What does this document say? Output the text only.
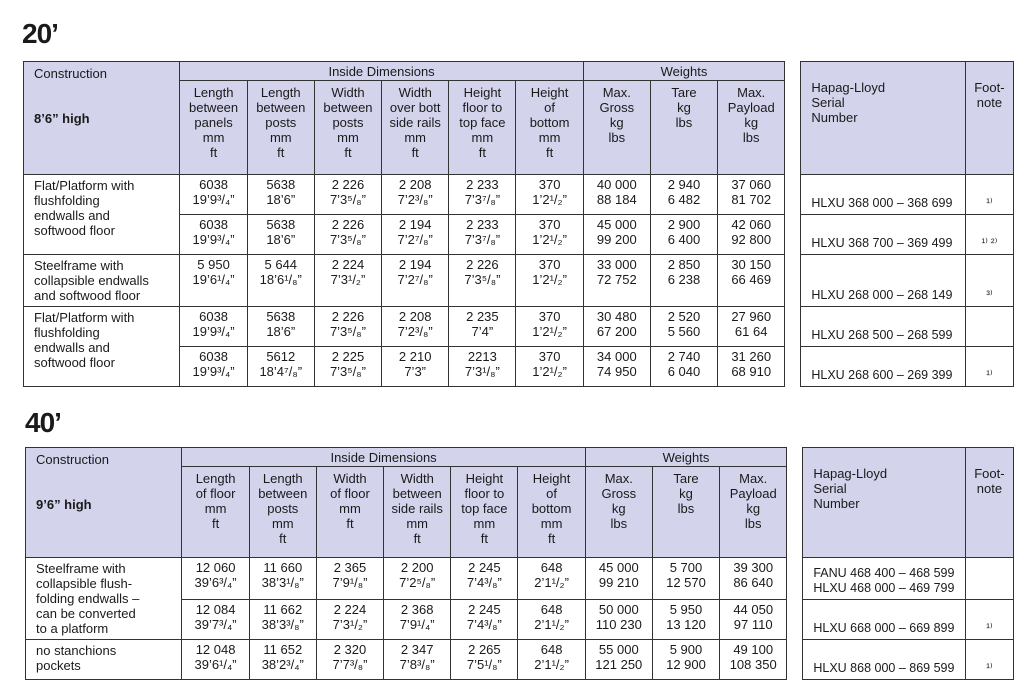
20’
Construction
8’6” high	Inside Dimensions						Weights				Hapag-Lloyd
Serial
Number	Foot-
note

	Length
between
panels
mm
ft	Length
between
posts
mm
ft	Width
between
posts
mm
ft	Width
over bott
side rails
mm
ft	Height
floor to
top face
mm
ft	Height
of
bottom
mm
ft	Max.
Gross
kg
lbs	Tare
kg
lbs	Max.
Payload
kg
lbs			

Flat/Platform with
flushfolding
endwalls and
softwood floor	6038
19’9³/₄”	5638
18’6”	2 226
7’3⁵/₈”	2 208
7’2³/₈”	2 233
7’3⁷/₈”	370
1’2¹/₂”	40 000
88 184	2 940
6 482	37 060
81 702		HLXU 368 000 – 368 699	¹⁾

	6038
19’9³/₄”	5638
18’6”	2 226
7’3⁵/₈”	2 194
7’2⁷/₈”	2 233
7’3⁷/₈”	370
1’2¹/₂”	45 000
99 200	2 900
6 400	42 060
92 800		HLXU 368 700 – 369 499	¹⁾ ²⁾

Steelframe with
collapsible endwalls
and softwood floor	5 950
19’6¹/₄”	5 644
18’6¹/₈”	2 224
7’3¹/₂”	2 194
7’2⁷/₈”	2 226
7’3⁵/₈”	370
1’2¹/₂”	33 000
72 752	2 850
6 238	30 150
66 469		HLXU 268 000 – 268 149	³⁾

Flat/Platform with
flushfolding
endwalls and
softwood floor	6038
19’9³/₄”	5638
18’6”	2 226
7’3⁵/₈”	2 208
7’2³/₈”	2 235
7’4”	370
1’2¹/₂”	30 480
67 200	2 520
5 560	27 960
61 64		HLXU 268 500 – 268 599	

	6038
19’9³/₄”	5612
18’4⁷/₈”	2 225
7’3⁵/₈”	2 210
7’3”	2213
7’3¹/₈”	370
1’2¹/₂”	34 000
74 950	2 740
6 040	31 260
68 910		HLXU 268 600 – 269 399	¹⁾
40’
Construction
9’6” high	Inside Dimensions						Weights				Hapag-Lloyd
Serial
Number	Foot-
note

	Length
of floor
mm
ft	Length
between
posts
mm
ft	Width
of floor
mm
ft	Width
between
side rails
mm
ft	Height
floor to
top face
mm
ft	Height
of
bottom
mm
ft	Max.
Gross
kg
lbs	Tare
kg
lbs	Max.
Payload
kg
lbs			

Steelframe with
collapsible flush-
folding endwalls –
can be converted
to a platform	12 060
39’6³/₄”	11 660
38’3¹/₈”	2 365
7’9¹/₈”	2 200
7’2⁵/₈”	2 245
7’4³/₈”	648
2’1¹/₂”	45 000
99 210	5 700
12 570	39 300
86 640		FANU 468 400 – 468 599
HLXU 468 000 – 469 799	

	12 084
39’7³/₄”	11 662
38’3³/₈”	2 224
7’3¹/₂”	2 368
7’9¹/₄”	2 245
7’4³/₈”	648
2’1¹/₂”	50 000
110 230	5 950
13 120	44 050
97 110		HLXU 668 000 – 669 899	¹⁾

no stanchions
pockets	12 048
39’6¹/₄”	11 652
38’2³/₄”	2 320
7’7³/₈”	2 347
7’8³/₈”	2 265
7’5¹/₈”	648
2’1¹/₂”	55 000
121 250	5 900
12 900	49 100
108 350		HLXU 868 000 – 869 599	¹⁾
